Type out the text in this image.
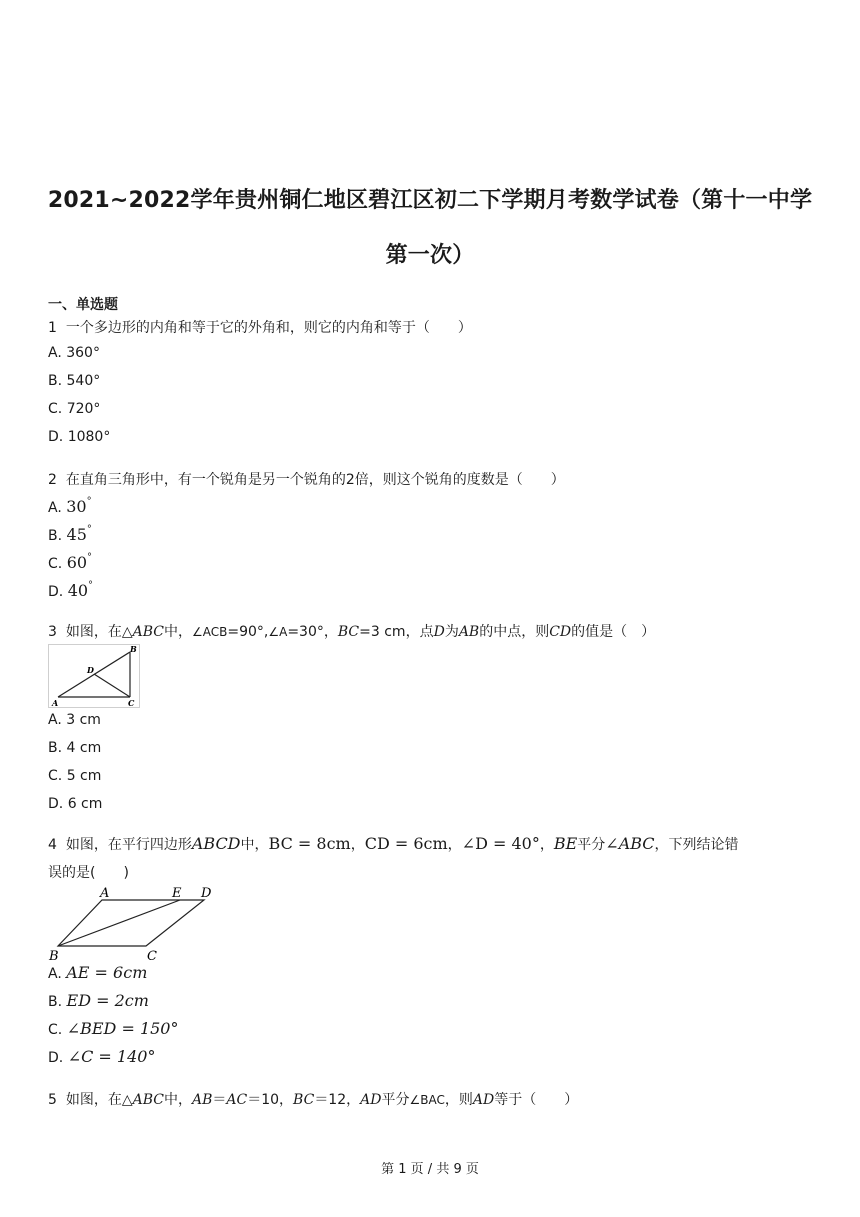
2021~2022学年贵州铜仁地区碧江区初二下学期月考数学试卷（第十一中学
第一次）
一、单选题
1 一个多边形的内角和等于它的外角和，则它的内角和等于（　　）
A. 360°
B. 540°
C. 720°
D. 1080°
2 在直角三角形中，有一个锐角是另一个锐角的2倍，则这个锐角的度数是（　　）
A. 30°
B. 45°
C. 60°
D. 40°
3 如图，在△ABC中，∠ACB=90°,∠A=30°，BC=3 cm，点D为AB的中点，则CD的值是（　）
A
B
C
D
A. 3 cm
B. 4 cm
C. 5 cm
D. 6 cm
4 如图，在平行四边形ABCD中，BC = 8cm，CD = 6cm，∠D = 40°，BE平分∠ABC，下列结论错
误的是(　　)
A	E D
B	C
A. AE = 6cm
B. ED = 2cm
C. ∠BED = 150°
D. ∠C = 140°
5 如图，在△ABC中，AB＝AC＝10，BC＝12，AD平分∠BAC，则AD等于（　　）
第 1 页 / 共 9 页
